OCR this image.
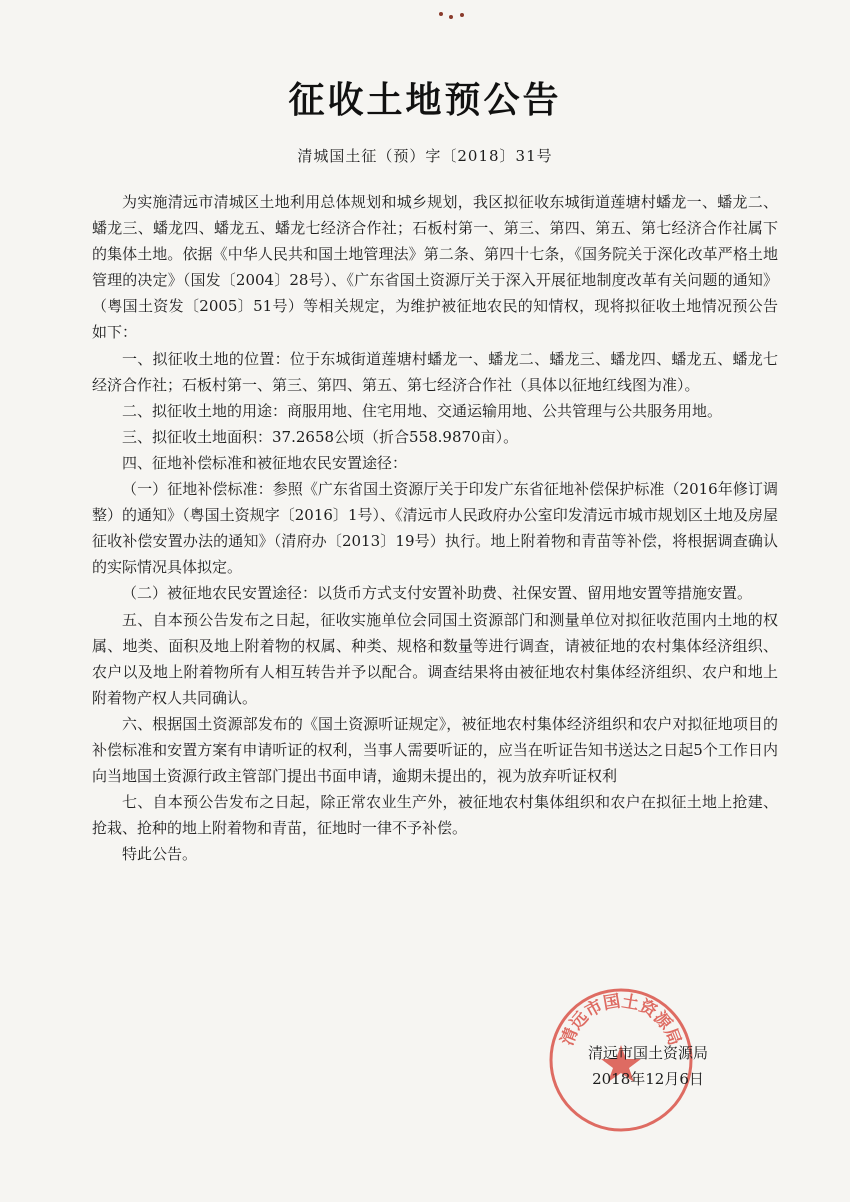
征收土地预公告
清城国土征（预）字〔2018〕31号

为实施清远市清城区土地利用总体规划和城乡规划，我区拟征收东城街道莲塘村蟠龙一、蟠龙二、蟠龙三、蟠龙四、蟠龙五、蟠龙七经济合作社；石板村第一、第三、第四、第五、第七经济合作社属下的集体土地。依据《中华人民共和国土地管理法》第二条、第四十七条，《国务院关于深化改革严格土地管理的决定》（国发〔2004〕28号）、《广东省国土资源厅关于深入开展征地制度改革有关问题的通知》（粤国土资发〔2005〕51号）等相关规定，为维护被征地农民的知情权，现将拟征收土地情况预公告如下：

一、拟征收土地的位置：位于东城街道莲塘村蟠龙一、蟠龙二、蟠龙三、蟠龙四、蟠龙五、蟠龙七经济合作社；石板村第一、第三、第四、第五、第七经济合作社（具体以征地红线图为准）。

二、拟征收土地的用途：商服用地、住宅用地、交通运输用地、公共管理与公共服务用地。

三、拟征收土地面积：37.2658公顷（折合558.9870亩）。

四、征地补偿标准和被征地农民安置途径：

（一）征地补偿标准：参照《广东省国土资源厅关于印发广东省征地补偿保护标准（2016年修订调整）的通知》（粤国土资规字〔2016〕1号）、《清远市人民政府办公室印发清远市城市规划区土地及房屋征收补偿安置办法的通知》（清府办〔2013〕19号）执行。地上附着物和青苗等补偿，将根据调查确认的实际情况具体拟定。

（二）被征地农民安置途径：以货币方式支付安置补助费、社保安置、留用地安置等措施安置。

五、自本预公告发布之日起，征收实施单位会同国土资源部门和测量单位对拟征收范围内土地的权属、地类、面积及地上附着物的权属、种类、规格和数量等进行调查，请被征地的农村集体经济组织、农户以及地上附着物所有人相互转告并予以配合。调查结果将由被征地农村集体经济组织、农户和地上附着物产权人共同确认。

六、根据国土资源部发布的《国土资源听证规定》，被征地农村集体经济组织和农户对拟征地项目的补偿标准和安置方案有申请听证的权利，当事人需要听证的，应当在听证告知书送达之日起5个工作日内向当地国土资源行政主管部门提出书面申请，逾期未提出的，视为放弃听证权利

七、自本预公告发布之日起，除正常农业生产外，被征地农村集体组织和农户在拟征土地上抢建、抢栽、抢种的地上附着物和青苗，征地时一律不予补偿。

特此公告。

清远市国土资源局
清远市国土资源局
2018年12月6日
